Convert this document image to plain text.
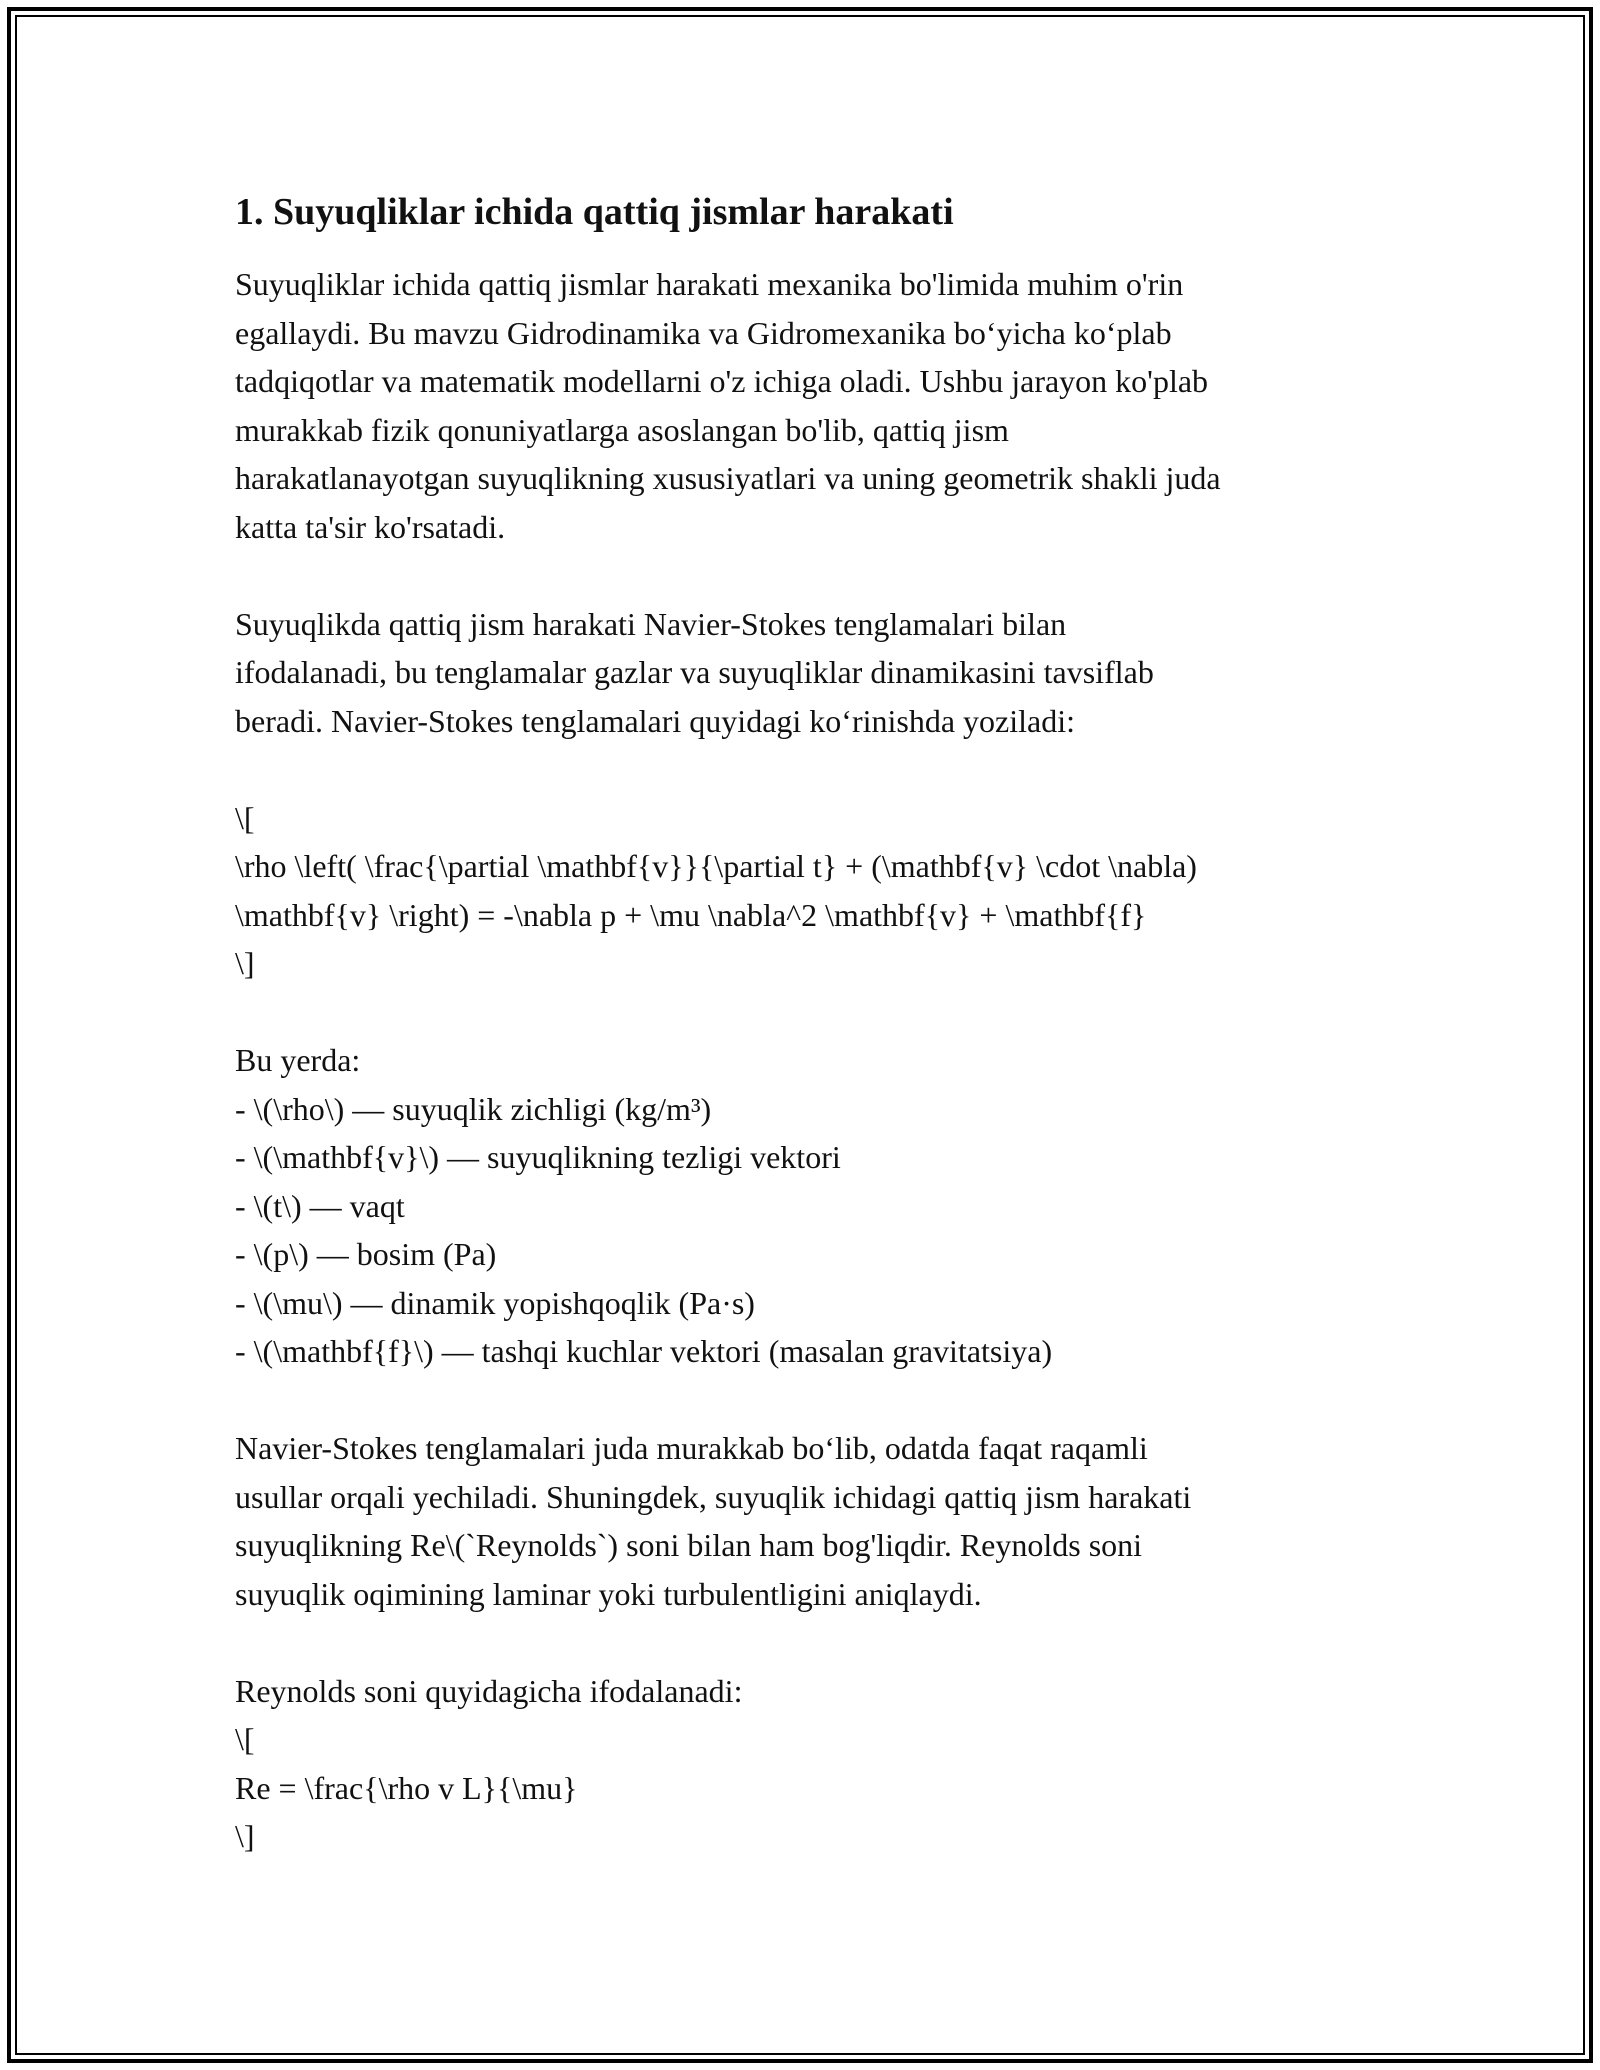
1. Suyuqliklar ichida qattiq jismlar harakati

Suyuqliklar ichida qattiq jismlar harakati mexanika bo'limida muhim o'rin
egallaydi. Bu mavzu Gidrodinamika va Gidromexanika bo‘yicha ko‘plab
tadqiqotlar va matematik modellarni o'z ichiga oladi. Ushbu jarayon ko'plab
murakkab fizik qonuniyatlarga asoslangan bo'lib, qattiq jism
harakatlanayotgan suyuqlikning xususiyatlari va uning geometrik shakli juda
katta ta'sir ko'rsatadi.

Suyuqlikda qattiq jism harakati Navier-Stokes tenglamalari bilan
ifodalanadi, bu tenglamalar gazlar va suyuqliklar dinamikasini tavsiflab
beradi. Navier-Stokes tenglamalari quyidagi ko‘rinishda yoziladi:

\[

\rho \left( \frac{\partial \mathbf{v}}{\partial t} + (\mathbf{v} \cdot \nabla)

\mathbf{v} \right) = -\nabla p + \mu \nabla^2 \mathbf{v} + \mathbf{f}

\]

Bu yerda:

- \(\rho\) — suyuqlik zichligi (kg/m³)

- \(\mathbf{v}\) — suyuqlikning tezligi vektori

- \(t\) — vaqt

- \(p\) — bosim (Pa)

- \(\mu\) — dinamik yopishqoqlik (Pa·s)

- \(\mathbf{f}\) — tashqi kuchlar vektori (masalan gravitatsiya)

Navier-Stokes tenglamalari juda murakkab bo‘lib, odatda faqat raqamli
usullar orqali yechiladi. Shuningdek, suyuqlik ichidagi qattiq jism harakati
suyuqlikning Re\(`Reynolds`) soni bilan ham bog'liqdir. Reynolds soni
suyuqlik oqimining laminar yoki turbulentligini aniqlaydi.

Reynolds soni quyidagicha ifodalanadi:

\[

Re = \frac{\rho v L}{\mu}

\]
